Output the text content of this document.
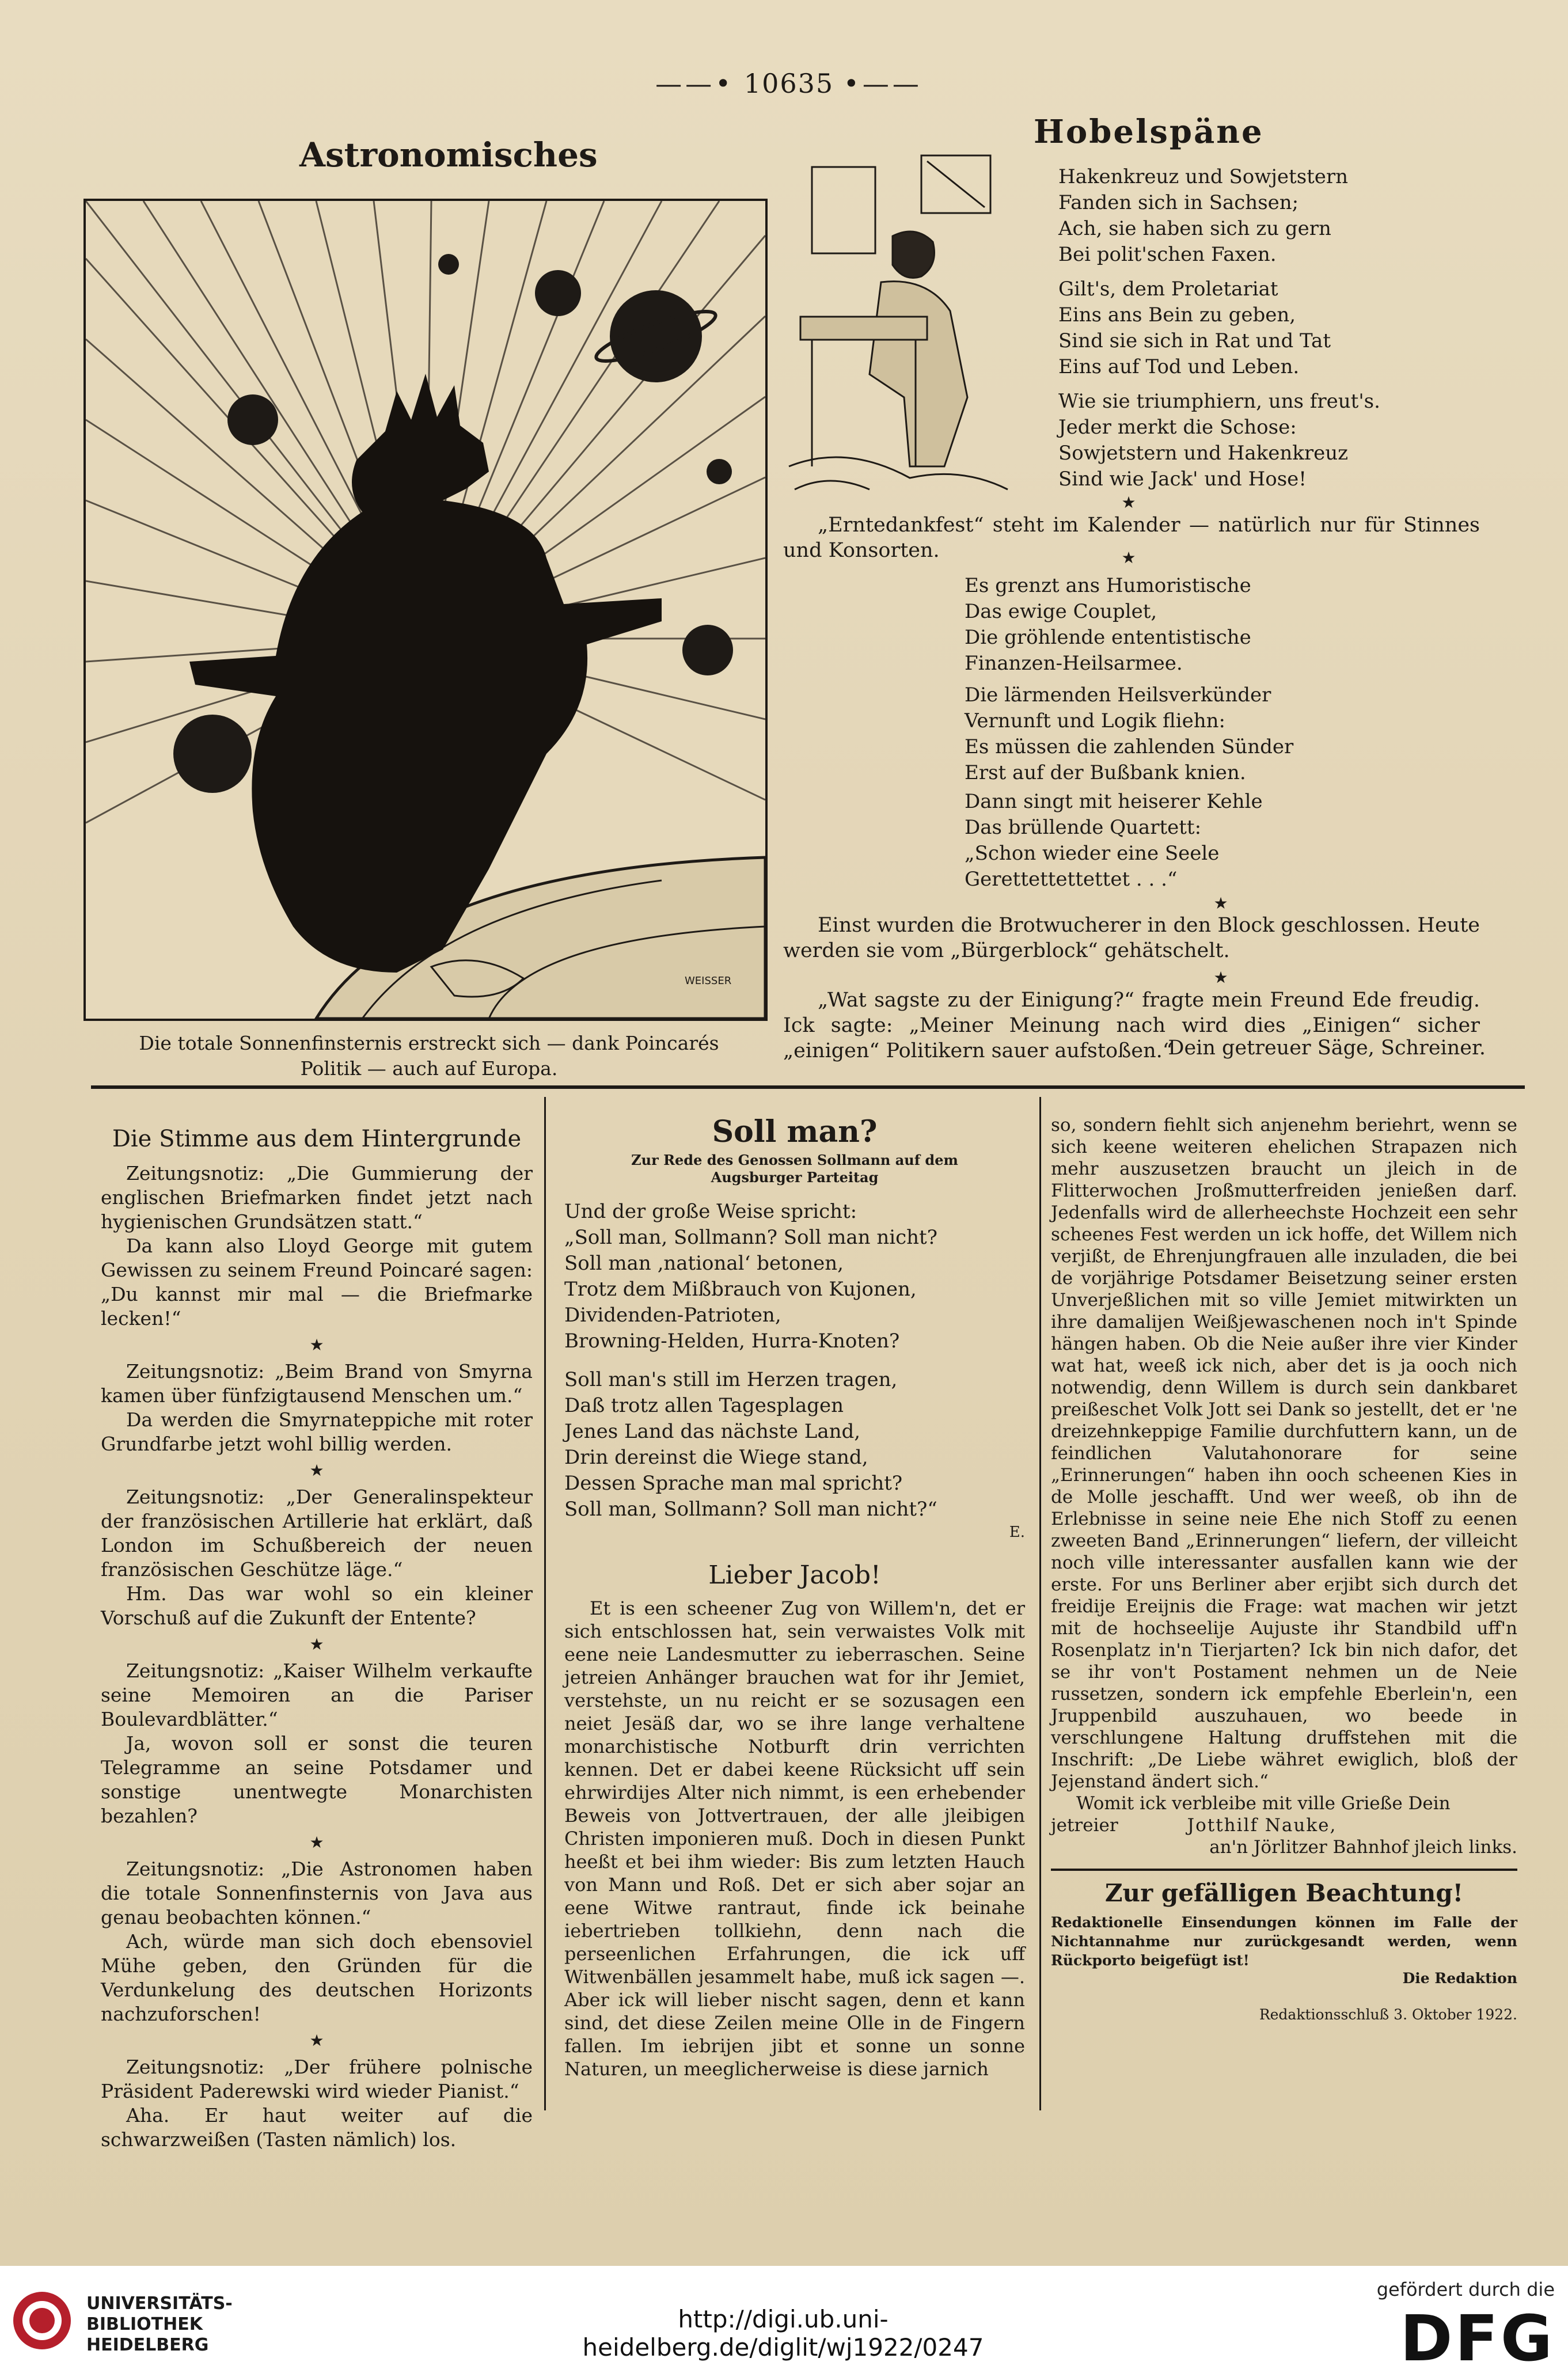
——• 10635 •——
Astronomisches
WEISSER
Die totale Sonnenfinsternis erstreckt sich — dank Poincarés Politik — auch auf Europa.
Hobelspäne

Hakenkreuz und Sowjetstern

Fanden sich in Sachsen;

Ach, sie haben sich zu gern

Bei polit'schen Faxen.

Gilt's, dem Proletariat

Eins ans Bein zu geben,

Sind sie sich in Rat und Tat

Eins auf Tod und Leben.

Wie sie triumphiern, uns freut's.

Jeder merkt die Schose:

Sowjetstern und Hakenkreuz

Sind wie Jack' und Hose!

★
„Erntedankfest“ steht im Kalender — natürlich nur für Stinnes und Konsorten.	★

Es grenzt ans Humoristische

Das ewige Couplet,

Die gröhlende ententistische

Finanzen-Heilsarmee.

Die lärmenden Heilsverkünder

Vernunft und Logik fliehn:

Es müssen die zahlenden Sünder

Erst auf der Bußbank knien.

Dann singt mit heiserer Kehle

Das brüllende Quartett:

„Schon wieder eine Seele

Gerettettettettet . . .“

★
Einst wurden die Brotwucherer in den Block geschlossen. Heute werden sie vom „Bürgerblock“ gehätschelt.
★
„Wat sagste zu der Einigung?“ fragte mein Freund Ede freudig. Ick sagte: „Meiner Meinung nach wird dies „Einigen“ sicher „einigen“ Politikern sauer aufstoßen.“
Dein getreuer Säge, Schreiner.
Die Stimme aus dem Hintergrunde

Zeitungsnotiz: „Die Gummierung der englischen Briefmarken findet jetzt nach hygienischen Grundsätzen statt.“

Da kann also Lloyd George mit gutem Gewissen zu seinem Freund Poincaré sagen: „Du kannst mir mal — die Briefmarke lecken!“

★

Zeitungsnotiz: „Beim Brand von Smyrna kamen über fünfzigtausend Menschen um.“

Da werden die Smyrnateppiche mit roter Grundfarbe jetzt wohl billig werden.

★

Zeitungsnotiz: „Der Generalinspekteur der französischen Artillerie hat erklärt, daß London im Schußbereich der neuen französischen Geschütze läge.“

Hm. Das war wohl so ein kleiner Vorschuß auf die Zukunft der Entente?

★

Zeitungsnotiz: „Kaiser Wilhelm verkaufte seine Memoiren an die Pariser Boulevardblätter.“

Ja, wovon soll er sonst die teuren Telegramme an seine Potsdamer und sonstige unentwegte Monarchisten bezahlen?

★

Zeitungsnotiz: „Die Astronomen haben die totale Sonnenfinsternis von Java aus genau beobachten können.“

Ach, würde man sich doch ebensoviel Mühe geben, den Gründen für die Verdunkelung des deutschen Horizonts nachzuforschen!

★

Zeitungsnotiz: „Der frühere polnische Präsident Paderewski wird wieder Pianist.“

Aha. Er haut weiter auf die schwarzweißen (Tasten nämlich) los.

Soll man?
Zur Rede des Genossen Sollmann auf dem Augsburger Parteitag

Und der große Weise spricht:

„Soll man, Sollmann? Soll man nicht?

Soll man ‚national‘ betonen,

Trotz dem Mißbrauch von Kujonen,

Dividenden-Patrioten,

Browning-Helden, Hurra-Knoten?

Soll man's still im Herzen tragen,

Daß trotz allen Tagesplagen

Jenes Land das nächste Land,

Drin dereinst die Wiege stand,

Dessen Sprache man mal spricht?

Soll man, Sollmann? Soll man nicht?“

E.
Lieber Jacob!

Et is een scheener Zug von Willem'n, det er sich entschlossen hat, sein verwaistes Volk mit eene neie Landesmutter zu ieberraschen. Seine jetreien Anhänger brauchen wat for ihr Jemiet, verstehste, un nu reicht er se sozusagen een neiet Jesäß dar, wo se ihre lange verhaltene monarchistische Notburft drin verrichten kennen. Det er dabei keene Rücksicht uff sein ehrwirdijes Alter nich nimmt, is een erhebender Beweis von Jottvertrauen, der alle jleibigen Christen imponieren muß. Doch in diesen Punkt heeßt et bei ihm wieder: Bis zum letzten Hauch von Mann und Roß. Det er sich aber sojar an eene Witwe rantraut, finde ick beinahe iebertrieben tollkiehn, denn nach die perseenlichen Erfahrungen, die ick uff Witwenbällen jesammelt habe, muß ick sagen —. Aber ick will lieber nischt sagen, denn et kann sind, det diese Zeilen meine Olle in de Fingern fallen. Im iebrijen jibt et sonne un sonne Naturen, un meeglicherweise is diese jarnich

so, sondern fiehlt sich anjenehm beriehrt, wenn se sich keene weiteren ehelichen Strapazen nich mehr auszusetzen braucht un jleich in de Flitterwochen Jroßmutterfreiden jenießen darf. Jedenfalls wird de allerheechste Hochzeit een sehr scheenes Fest werden un ick hoffe, det Willem nich verjißt, de Ehrenjungfrauen alle inzuladen, die bei de vorjährige Potsdamer Beisetzung seiner ersten Unverjeßlichen mit so ville Jemiet mitwirkten un ihre damalijen Weißjewaschenen noch in't Spinde hängen haben. Ob die Neie außer ihre vier Kinder wat hat, weeß ick nich, aber det is ja ooch nich notwendig, denn Willem is durch sein dankbaret preißeschet Volk Jott sei Dank so jestellt, det er 'ne dreizehnkeppige Familie durchfuttern kann, un de feindlichen Valutahonorare for seine „Erinnerungen“ haben ihn ooch scheenen Kies in de Molle jeschafft. Und wer weeß, ob ihn de Erlebnisse in seine neie Ehe nich Stoff zu eenen zweeten Band „Erinnerungen“ liefern, der villeicht noch ville interessanter ausfallen kann wie der erste. For uns Berliner aber erjibt sich durch det freidije Ereijnis die Frage: wat machen wir jetzt mit de hochseelije Aujuste ihr Standbild uff'n Rosenplatz in'n Tierjarten? Ick bin nich dafor, det se ihr von't Postament nehmen un de Neie russetzen, sondern ick empfehle Eberlein'n, een Jruppenbild auszuhauen, wo beede in verschlungene Haltung druffstehen mit die Inschrift: „De Liebe währet ewiglich, bloß der Jejenstand ändert sich.“

Womit ick verbleibe mit ville Grieße Dein

jetreier	Jotthilf Nauke,

an'n Jörlitzer Bahnhof jleich links.

Zur gefälligen Beachtung!
Redaktionelle Einsendungen können im Falle der Nichtannahme nur zurückgesandt werden, wenn Rückporto beigefügt ist!
Die Redaktion
Redaktionsschluß 3. Oktober 1922.
UNIVERSITÄTS-
BIBLIOTHEK
HEIDELBERG
http://digi.ub.uni-heidelberg.de/diglit/wj1922/0247
gefördert durch die
DFG
